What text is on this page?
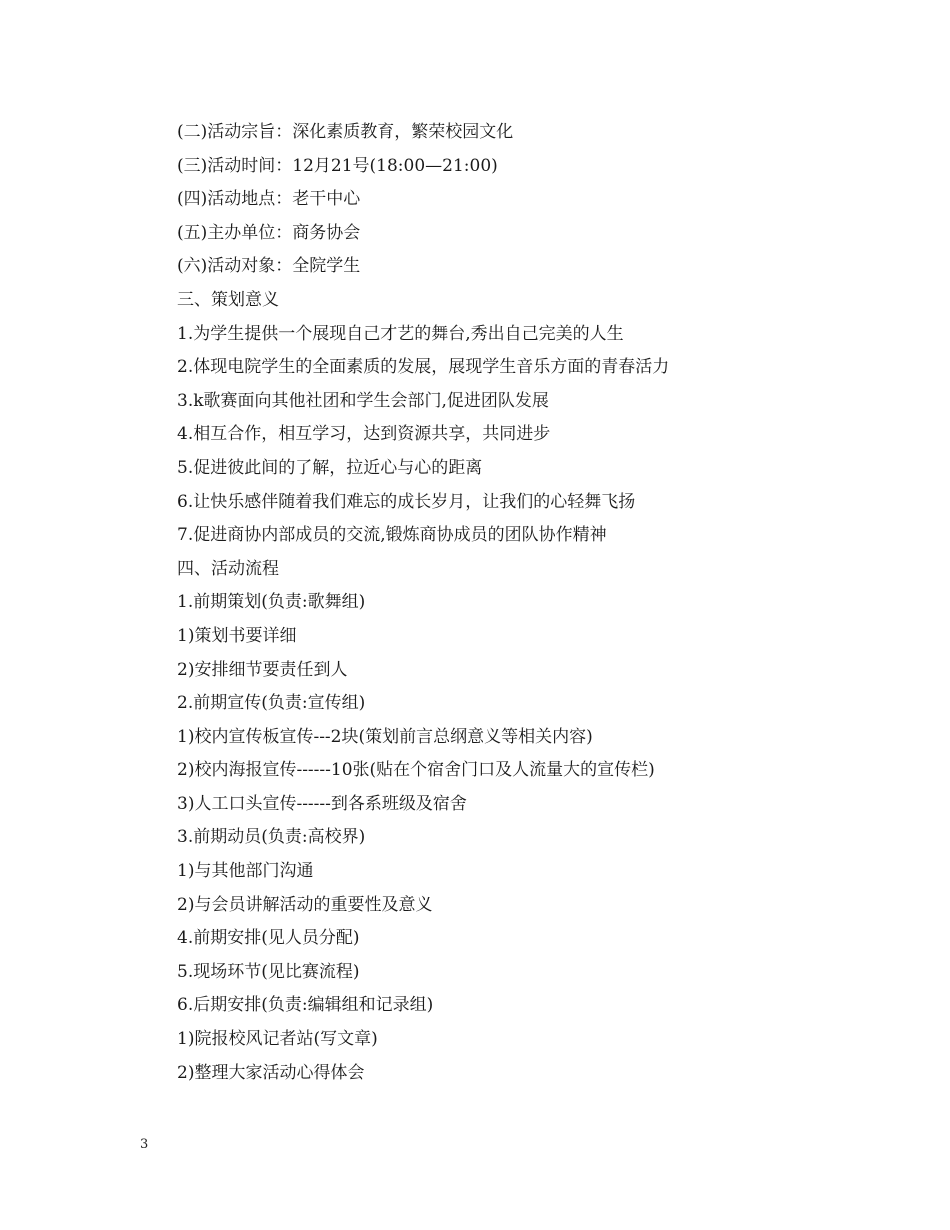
(二)活动宗旨：深化素质教育，繁荣校园文化
(三)活动时间：12月21号(18:00—21:00)
(四)活动地点：老干中心
(五)主办单位：商务协会
(六)活动对象：全院学生
三、策划意义
1.为学生提供一个展现自己才艺的舞台,秀出自己完美的人生
2.体现电院学生的全面素质的发展，展现学生音乐方面的青春活力
3.k歌赛面向其他社团和学生会部门,促进团队发展
4.相互合作，相互学习，达到资源共享，共同进步
5.促进彼此间的了解，拉近心与心的距离
6.让快乐感伴随着我们难忘的成长岁月，让我们的心轻舞飞扬
7.促进商协内部成员的交流,锻炼商协成员的团队协作精神
四、活动流程
1.前期策划(负责:歌舞组)
1)策划书要详细
2)安排细节要责任到人
2.前期宣传(负责:宣传组)
1)校内宣传板宣传---2块(策划前言总纲意义等相关内容)
2)校内海报宣传------10张(贴在个宿舍门口及人流量大的宣传栏)
3)人工口头宣传------到各系班级及宿舍
3.前期动员(负责:高校界)
1)与其他部门沟通
2)与会员讲解活动的重要性及意义
4.前期安排(见人员分配)
5.现场环节(见比赛流程)
6.后期安排(负责:编辑组和记录组)
1)院报校风记者站(写文章)
2)整理大家活动心得体会
3
